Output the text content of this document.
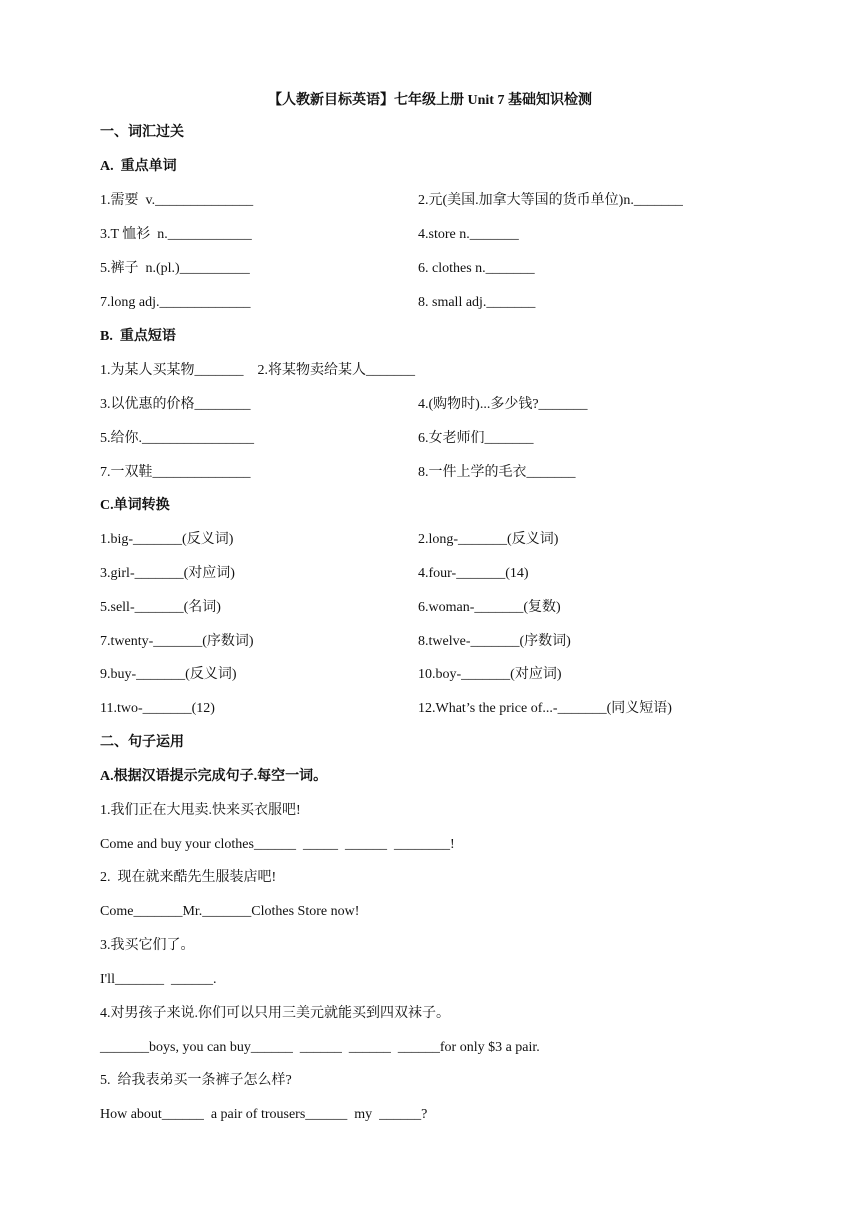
【人教新目标英语】七年级上册 Unit 7 基础知识检测
一、词汇过关
A.  重点单词
1.需要  v.______________	2.元(美国.加拿大等国的货币单位)n._______
3.T 恤衫  n.____________	4.store n._______
5.裤子  n.(pl.)__________	6. clothes n._______
7.long adj._____________	8. small adj._______
B.  重点短语
1.为某人买某物_______    2.将某物卖给某人_______
3.以优惠的价格________	4.(购物时)...多少钱?_______
5.给你.________________	6.女老师们_______
7.一双鞋______________	8.一件上学的毛衣_______
C.单词转换
1.big-_______(反义词)	2.long-_______(反义词)
3.girl-_______(对应词)	4.four-_______(14)
5.sell-_______(名词)	6.woman-_______(复数)
7.twenty-_______(序数词)	8.twelve-_______(序数词)
9.buy-_______(反义词)	10.boy-_______(对应词)
11.two-_______(12)	12.What’s the price of...-_______(同义短语)
二、句子运用
A.根据汉语提示完成句子.每空一词。
1.我们正在大甩卖.快来买衣服吧!
Come and buy your clothes______  _____  ______  ________!
2.  现在就来酷先生服装店吧!
Come_______Mr._______Clothes Store now!
3.我买它们了。
I'll_______  ______.
4.对男孩子来说.你们可以只用三美元就能买到四双袜子。
_______boys, you can buy______  ______  ______  ______for only $3 a pair.
5.  给我表弟买一条裤子怎么样?
How about______  a pair of trousers______  my  ______?
